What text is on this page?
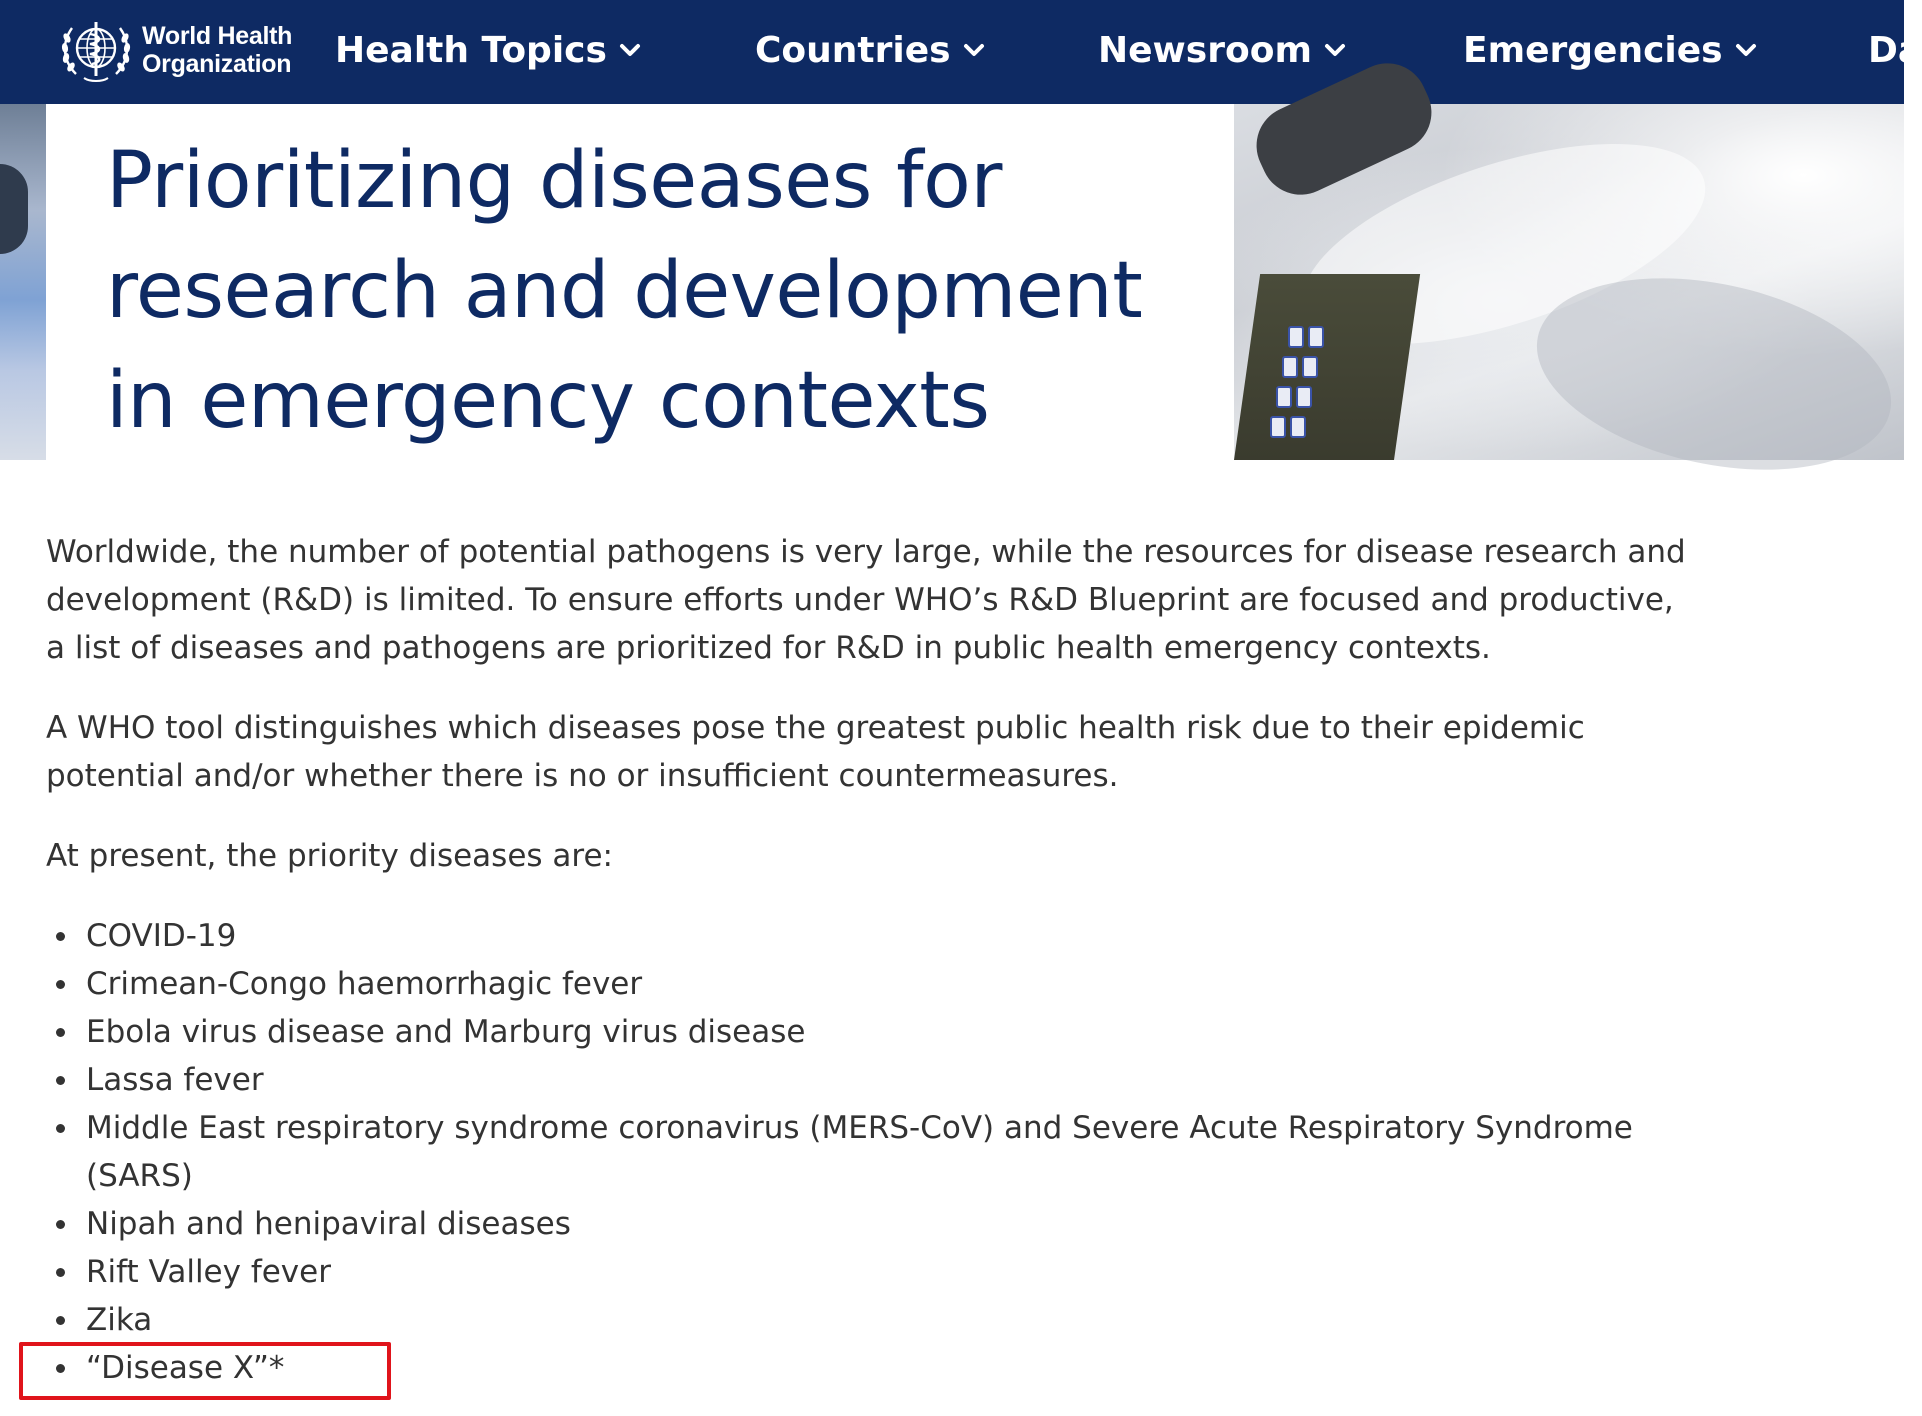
World Health
Organization Health Topics	Countries	Newsroom	Emergencies	Da
Prioritizing diseases for
research and development
in emergency contexts

Worldwide, the number of potential pathogens is very large, while the resources for disease research and development (R&D) is limited. To ensure efforts under WHO’s R&D Blueprint are focused and productive, a list of diseases and pathogens are prioritized for R&D in public health emergency contexts.

A WHO tool distinguishes which diseases pose the greatest public health risk due to their epidemic potential and/or whether there is no or insufficient countermeasures.

At present, the priority diseases are:

COVID-19
Crimean-Congo haemorrhagic fever
Ebola virus disease and Marburg virus disease
Lassa fever
Middle East respiratory syndrome coronavirus (MERS-CoV) and Severe Acute Respiratory Syndrome (SARS)
Nipah and henipaviral diseases
Rift Valley fever
Zika
“Disease X”*
